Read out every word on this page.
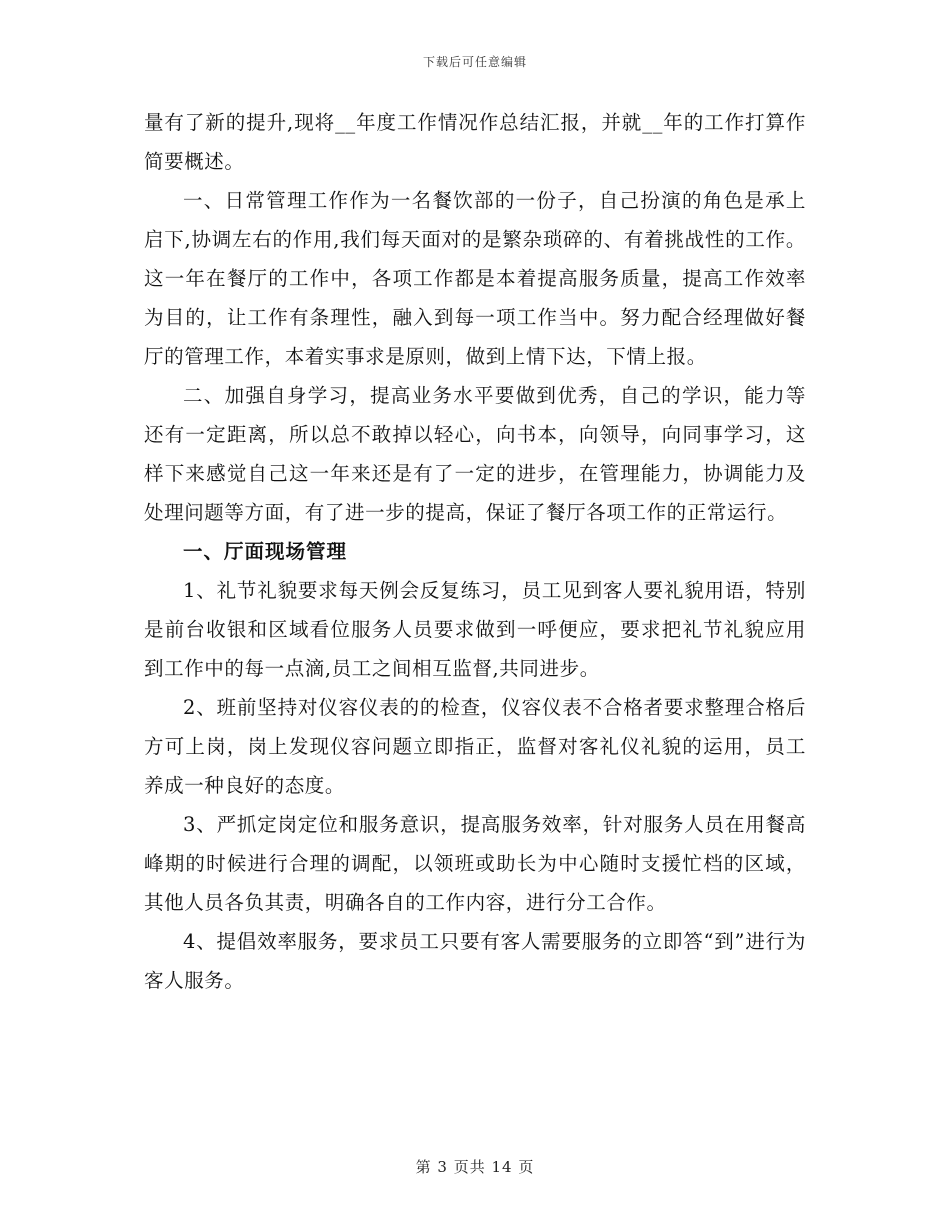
下载后可任意编辑

量有了新的提升,现将__年度工作情况作总结汇报，并就__年的工作打算作简要概述。

一、日常管理工作作为一名餐饮部的一份子，自己扮演的角色是承上启下,协调左右的作用,我们每天面对的是繁杂琐碎的、有着挑战性的工作。这一年在餐厅的工作中，各项工作都是本着提高服务质量，提高工作效率为目的，让工作有条理性，融入到每一项工作当中。努力配合经理做好餐厅的管理工作，本着实事求是原则，做到上情下达，下情上报。

二、加强自身学习，提高业务水平要做到优秀，自己的学识，能力等还有一定距离，所以总不敢掉以轻心，向书本，向领导，向同事学习，这样下来感觉自己这一年来还是有了一定的进步，在管理能力，协调能力及处理问题等方面，有了进一步的提高，保证了餐厅各项工作的正常运行。

一、厅面现场管理

1、礼节礼貌要求每天例会反复练习，员工见到客人要礼貌用语，特别是前台收银和区域看位服务人员要求做到一呼便应，要求把礼节礼貌应用到工作中的每一点滴,员工之间相互监督,共同进步。

2、班前坚持对仪容仪表的的检查，仪容仪表不合格者要求整理合格后方可上岗，岗上发现仪容问题立即指正，监督对客礼仪礼貌的运用，员工养成一种良好的态度。

3、严抓定岗定位和服务意识，提高服务效率，针对服务人员在用餐高峰期的时候进行合理的调配，以领班或助长为中心随时支援忙档的区域，其他人员各负其责，明确各自的工作内容，进行分工合作。

4、提倡效率服务，要求员工只要有客人需要服务的立即答“到”进行为客人服务。

第 3 页共 14 页
